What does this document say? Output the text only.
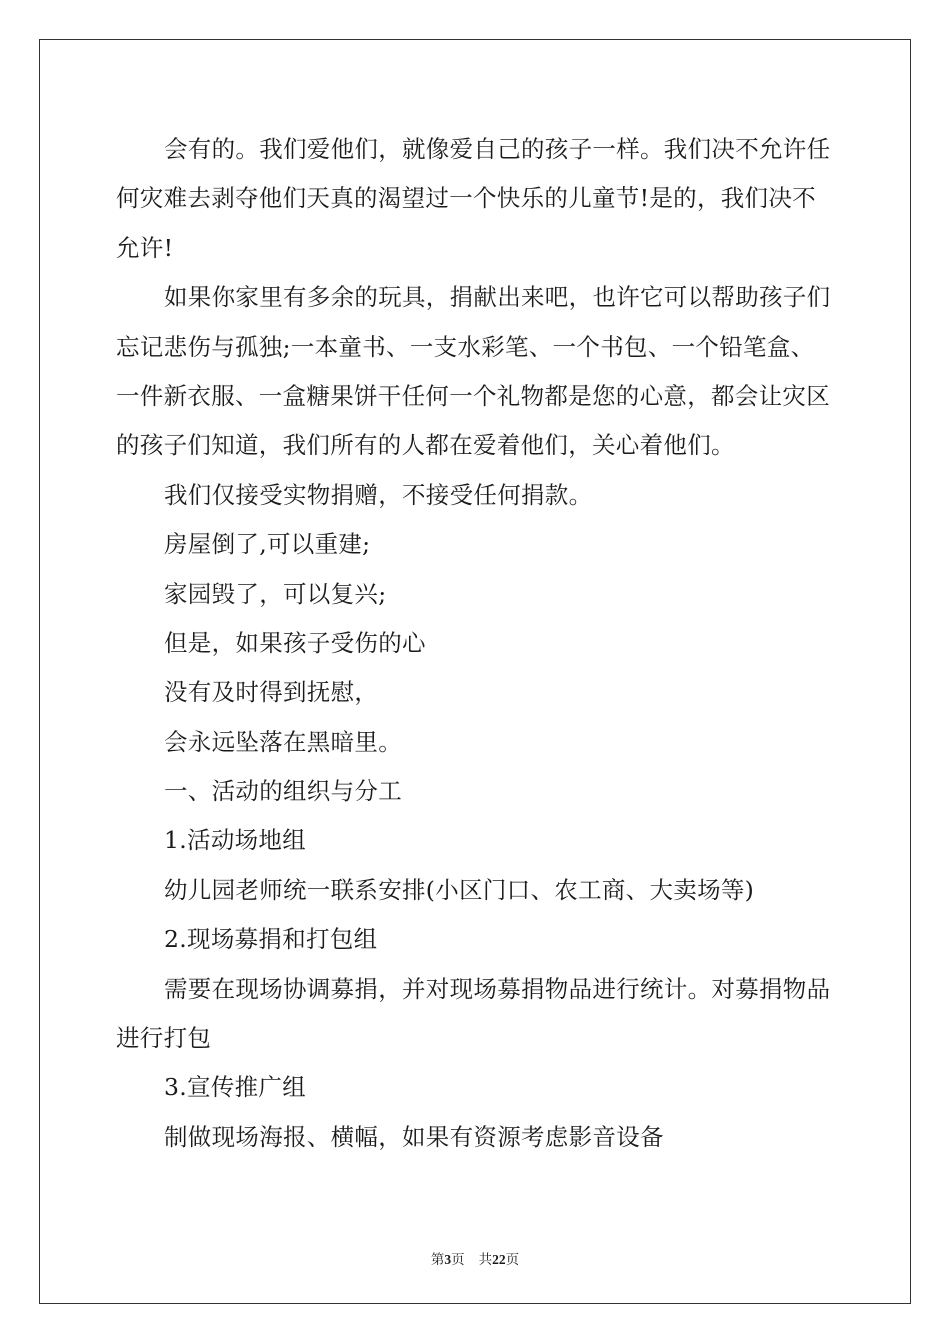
会有的。我们爱他们，就像爱自己的孩子一样。我们决不允许任
何灾难去剥夺他们天真的渴望过一个快乐的儿童节!是的，我们决不
允许!
如果你家里有多余的玩具，捐献出来吧，也许它可以帮助孩子们
忘记悲伤与孤独;一本童书、一支水彩笔、一个书包、一个铅笔盒、
一件新衣服、一盒糖果饼干任何一个礼物都是您的心意，都会让灾区
的孩子们知道，我们所有的人都在爱着他们，关心着他们。
我们仅接受实物捐赠，不接受任何捐款。
房屋倒了,可以重建;
家园毁了，可以复兴;
但是，如果孩子受伤的心
没有及时得到抚慰，
会永远坠落在黑暗里。
一、活动的组织与分工
1.活动场地组
幼儿园老师统一联系安排(小区门口、农工商、大卖场等)
2.现场募捐和打包组
需要在现场协调募捐，并对现场募捐物品进行统计。对募捐物品
进行打包
3.宣传推广组
制做现场海报、横幅，如果有资源考虑影音设备
第3页 共22页
